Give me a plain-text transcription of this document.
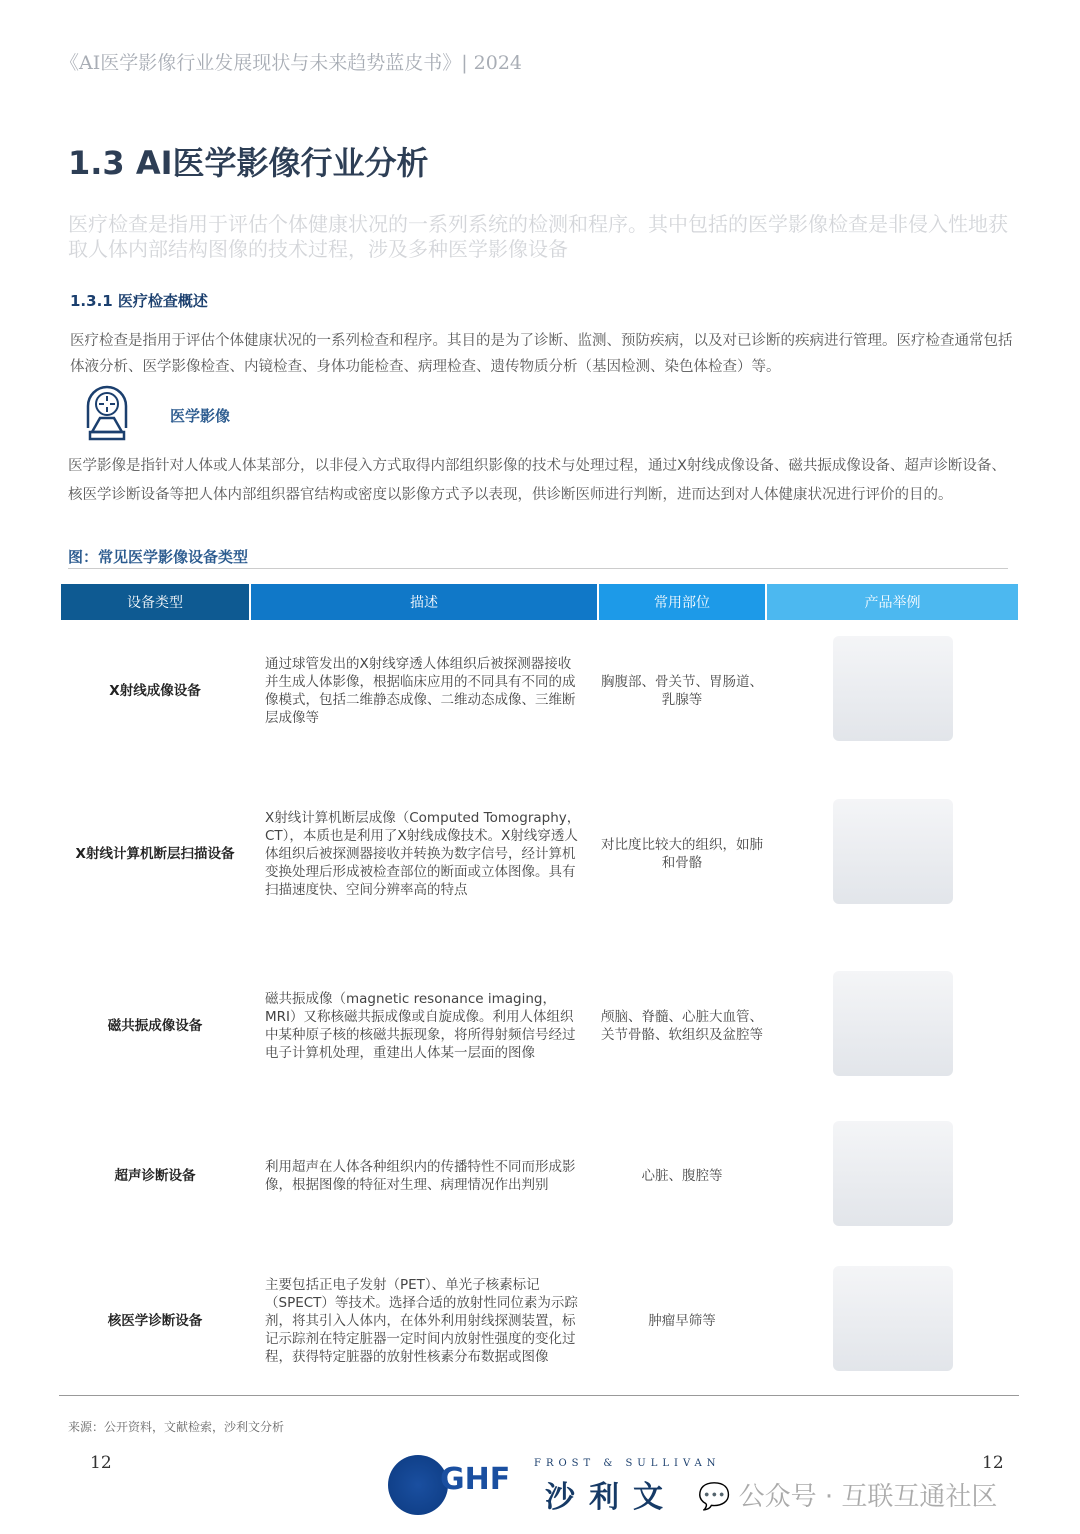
《AI医学影像行业发展现状与未来趋势蓝皮书》| 2024
1.3 AI医学影像行业分析
医疗检查是指用于评估个体健康状况的一系列系统的检测和程序。其中包括的医学影像检查是非侵入性地获取人体内部结构图像的技术过程，涉及多种医学影像设备
1.3.1 医疗检查概述
医疗检查是指用于评估个体健康状况的一系列检查和程序。其目的是为了诊断、监测、预防疾病，以及对已诊断的疾病进行管理。医疗检查通常包括体液分析、医学影像检查、内镜检查、身体功能检查、病理检查、遗传物质分析（基因检测、染色体检查）等。
医学影像
医学影像是指针对人体或人体某部分，以非侵入方式取得内部组织影像的技术与处理过程，通过X射线成像设备、磁共振成像设备、超声诊断设备、核医学诊断设备等把人体内部组织器官结构或密度以影像方式予以表现，供诊断医师进行判断，进而达到对人体健康状况进行评价的目的。
图：常见医学影像设备类型
设备类型	描述	常用部位	产品举例
X射线成像设备	通过球管发出的X射线穿透人体组织后被探测器接收并生成人体影像，根据临床应用的不同具有不同的成像模式，包括二维静态成像、二维动态成像、三维断层成像等	胸腹部、骨关节、胃肠道、乳腺等	
X射线计算机断层扫描设备	X射线计算机断层成像（Computed Tomography，CT），本质也是利用了X射线成像技术。X射线穿透人体组织后被探测器接收并转换为数字信号，经计算机变换处理后形成被检查部位的断面或立体图像。具有扫描速度快、空间分辨率高的特点	对比度比较大的组织，如肺和骨骼	
磁共振成像设备	磁共振成像（magnetic resonance imaging，MRI）又称核磁共振成像或自旋成像。利用人体组织中某种原子核的核磁共振现象，将所得射频信号经过电子计算机处理，重建出人体某一层面的图像	颅脑、脊髓、心脏大血管、关节骨骼、软组织及盆腔等	
超声诊断设备	利用超声在人体各种组织内的传播特性不同而形成影像，根据图像的特征对生理、病理情况作出判别	心脏、腹腔等	
核医学诊断设备	主要包括正电子发射（PET）、单光子核素标记（SPECT）等技术。选择合适的放射性同位素为示踪剂，将其引入人体内，在体外利用射线探测装置，标记示踪剂在特定脏器一定时间内放射性强度的变化过程，获得特定脏器的放射性核素分布数据或图像	肿瘤早筛等	
来源：公开资料，文献检索，沙利文分析
12	12
GHF FROST & SULLIVAN
沙利文 💬 公众号 · 互联互通社区
